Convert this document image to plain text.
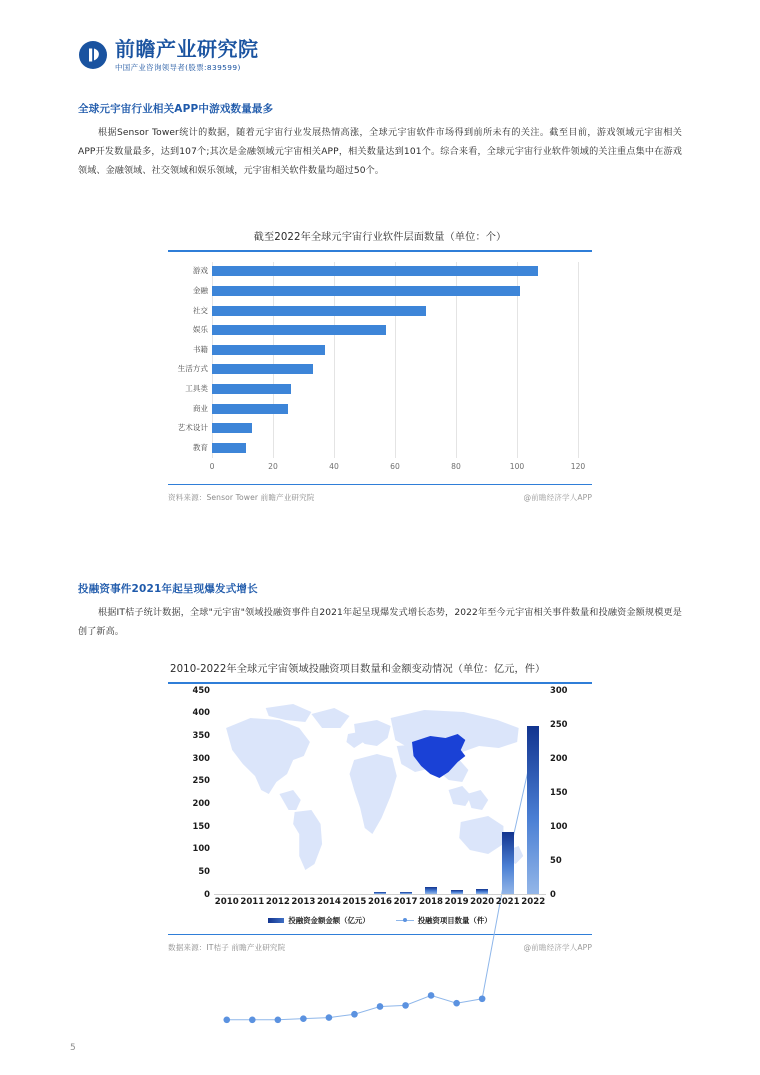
前瞻产业研究院
中国产业咨询领导者(股票:839599)
全球元宇宙行业相关APP中游戏数量最多
根据Sensor Tower统计的数据，随着元宇宙行业发展热情高涨，全球元宇宙软件市场得到前所未有的关注。截至目前，游戏领域元宇宙相关APP开发数量最多，达到107个;其次是金融领域元宇宙相关APP，相关数量达到101个。综合来看，全球元宇宙行业软件领域的关注重点集中在游戏领域、金融领域、社交领域和娱乐领域，元宇宙相关软件数量均超过50个。
截至2022年全球元宇宙行业软件层面数量（单位：个）
游戏
金融
社交
娱乐
书籍
生活方式
工具类
商业
艺术设计
教育
0	20	40	60	80	100	120
资料来源：Sensor Tower 前瞻产业研究院	@前瞻经济学人APP
投融资事件2021年起呈现爆发式增长
根据IT桔子统计数据，全球"元宇宙"领域投融资事件自2021年起呈现爆发式增长态势，2022年至今元宇宙相关事件数量和投融资金额规模更是创了新高。
2010-2022年全球元宇宙领域投融资项目数量和金额变动情况（单位：亿元，件）
0
50
100
150
200
250
300
350
400
450
0
50
100
150
200
250
300
2010 2011 2012 2013 2014 2015 2016 2017 2018 2019 2020 2021 2022
投融资金额金额（亿元）	投融资项目数量（件）
数据来源：IT桔子 前瞻产业研究院	@前瞻经济学人APP
5
